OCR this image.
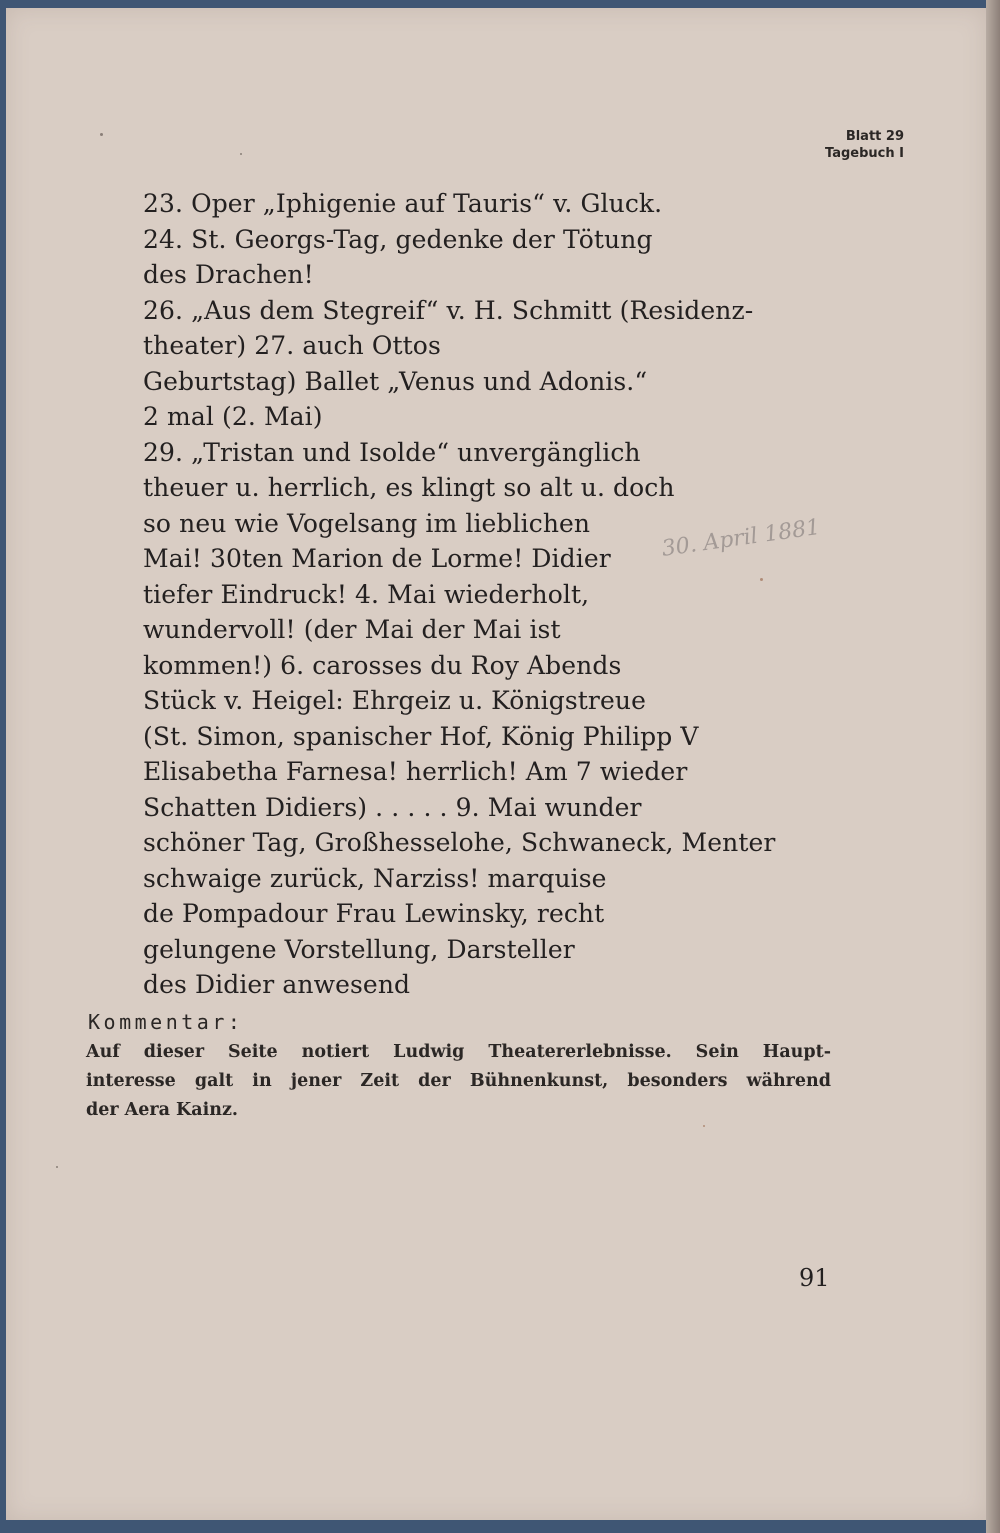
Blatt 29
Tagebuch I
23. Oper „Iphigenie auf Tauris“ v. Gluck.
24. St. Georgs-Tag, gedenke der Tötung
des Drachen!
26. „Aus dem Stegreif“ v. H. Schmitt (Residenz-
theater) 27. auch Ottos
Geburtstag) Ballet „Venus und Adonis.“
2 mal (2. Mai)
29. „Tristan und Isolde“ unvergänglich
theuer u. herrlich, es klingt so alt u. doch
so neu wie Vogelsang im lieblichen
Mai! 30ten Marion de Lorme! Didier
tiefer Eindruck! 4. Mai wiederholt,
wundervoll! (der Mai der Mai ist
kommen!) 6. carosses du Roy Abends
Stück v. Heigel: Ehrgeiz u. Königstreue
(St. Simon, spanischer Hof, König Philipp V
Elisabetha Farnesa! herrlich! Am 7 wieder
Schatten Didiers) . . . . . 9. Mai wunder
schöner Tag, Großhesselohe, Schwaneck, Menter
schwaige zurück, Narziss! marquise
de Pompadour Frau Lewinsky, recht
gelungene Vorstellung, Darsteller
des Didier anwesend
30. April 1881
Kommentar:
Auf dieser Seite notiert Ludwig Theatererlebnisse. Sein Haupt-
interesse galt in jener Zeit der Bühnenkunst, besonders während
der Aera Kainz.
91
